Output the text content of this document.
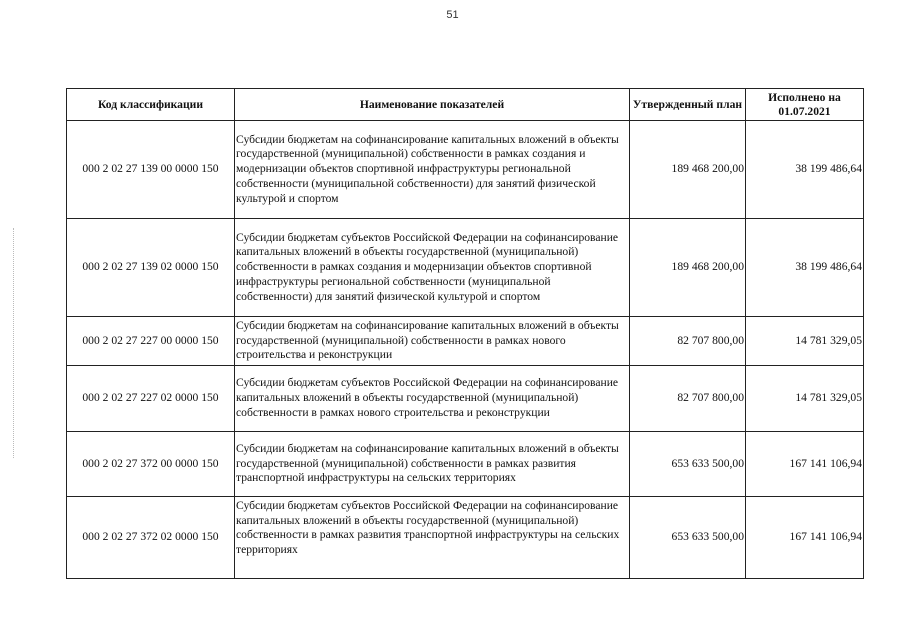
51
Код классификации	Наименование показателей	Утвержденный план	Исполнено на 01.07.2021
000 2 02 27 139 00 0000 150	Субсидии бюджетам на софинансирование капитальных вложений в объекты государственной (муниципальной) собственности в рамках создания и модернизации объектов спортивной инфраструктуры региональной собственности (муниципальной собственности) для занятий физической культурой и спортом	189 468 200,00	38 199 486,64
000 2 02 27 139 02 0000 150	Субсидии бюджетам субъектов Российской Федерации на софинансирование капитальных вложений в объекты государственной (муниципальной) собственности в рамках создания и модернизации объектов спортивной инфраструктуры региональной собственности (муниципальной собственности) для занятий физической культурой и спортом	189 468 200,00	38 199 486,64
000 2 02 27 227 00 0000 150	Субсидии бюджетам на софинансирование капитальных вложений в объекты государственной (муниципальной) собственности в рамках нового строительства и реконструкции	82 707 800,00	14 781 329,05
000 2 02 27 227 02 0000 150	Субсидии бюджетам субъектов Российской Федерации на софинансирование капитальных вложений в объекты государственной (муниципальной) собственности в рамках нового строительства и реконструкции	82 707 800,00	14 781 329,05
000 2 02 27 372 00 0000 150	Субсидии бюджетам на софинансирование капитальных вложений в объекты государственной (муниципальной) собственности в рамках развития транспортной инфраструктуры на сельских территориях	653 633 500,00	167 141 106,94
000 2 02 27 372 02 0000 150	Субсидии бюджетам субъектов Российской Федерации на софинансирование капитальных вложений в объекты государственной (муниципальной) собственности в рамках развития транспортной инфраструктуры на сельских территориях	653 633 500,00	167 141 106,94
